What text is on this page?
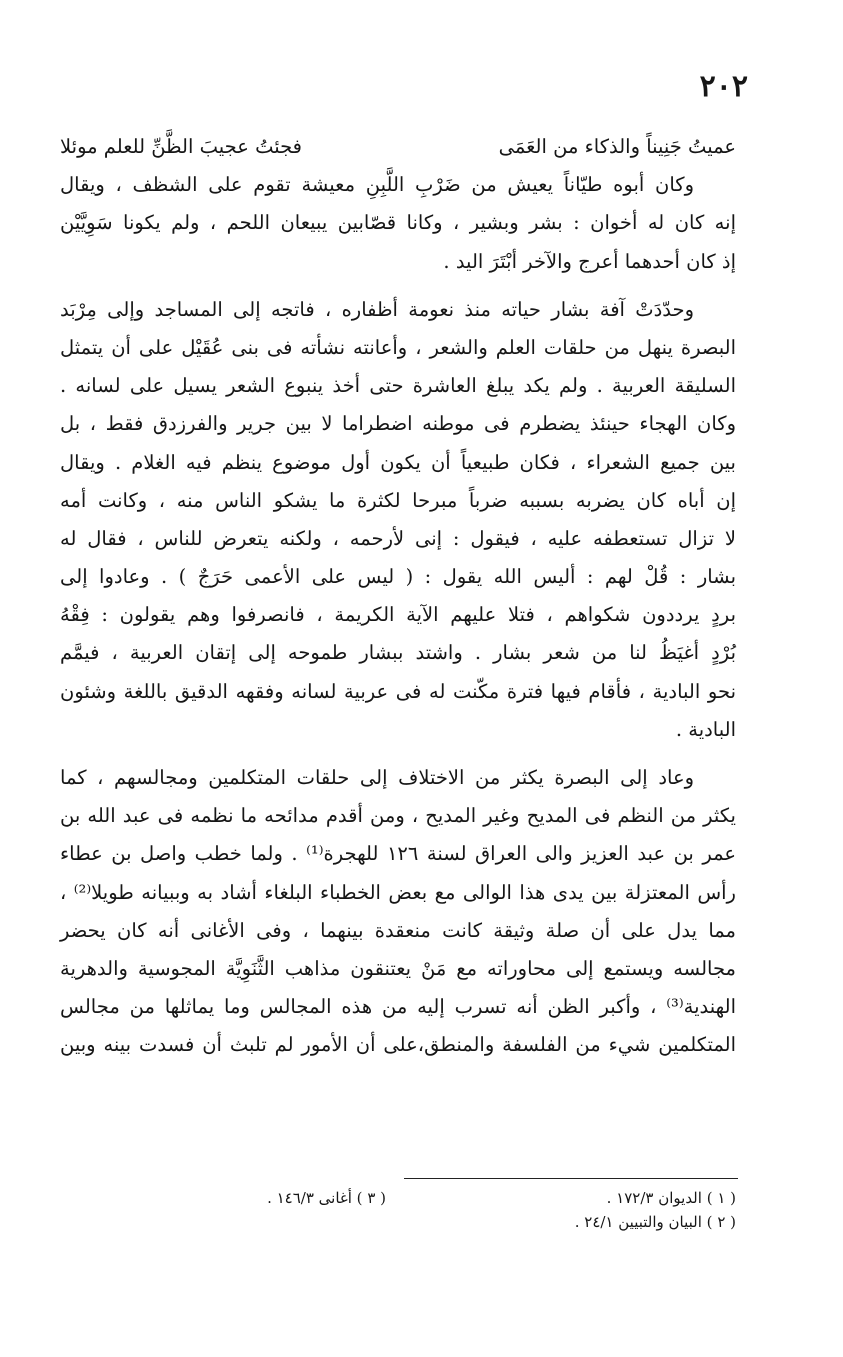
٢٠٢
عميتُ جَنِيناً والذكاء من العَمَى
فجئتُ عجيبَ الظَّنِّ للعلم موئلا
وكان أبوه طيّاناً يعيش من ضَرْبِ اللَّبِنِ معيشة تقوم على الشظف ، ويقال
إنه كان له أخوان : بشر وبشير ، وكانا قصّابين يبيعان اللحم ، ولم يكونا سَوِيَّيْن
إذ كان أحدهما أعرج والآخر أبْتَرَ اليد .
وحدّدَتْ آفة بشار حياته منذ نعومة أظفاره ، فاتجه إلى المساجد وإلى مِرْبَد
البصرة ينهل من حلقات العلم والشعر ، وأعانته نشأته فى بنى عُقَيْل على أن يتمثل
السليقة العربية . ولم يكد يبلغ العاشرة حتى أخذ ينبوع الشعر يسيل على لسانه .
وكان الهجاء حينئذ يضطرم فى موطنه اضطراما لا بين جرير والفرزدق فقط ، بل
بين جميع الشعراء ، فكان طبيعياً أن يكون أول موضوع ينظم فيه الغلام . ويقال
إن أباه كان يضربه بسببه ضرباً مبرحا لكثرة ما يشكو الناس منه ، وكانت أمه
لا تزال تستعطفه عليه ، فيقول : إنى لأرحمه ، ولكنه يتعرض للناس ، فقال له
بشار : قُلْ لهم : أليس الله يقول : ( ليس على الأعمى حَرَجٌ ) . وعادوا إلى
بردٍ يرددون شكواهم ، فتلا عليهم الآية الكريمة ، فانصرفوا وهم يقولون : فِقْهُ
بُرْدٍ أغيَظُ لنا من شعر بشار . واشتد ببشار طموحه إلى إتقان العربية ، فيمَّم
نحو البادية ، فأقام فيها فترة مكّنت له فى عربية لسانه وفقهه الدقيق باللغة وشئون
البادية .
وعاد إلى البصرة يكثر من الاختلاف إلى حلقات المتكلمين ومجالسهم ، كما
يكثر من النظم فى المديح وغير المديح ، ومن أقدم مدائحه ما نظمه فى عبد الله بن
عمر بن عبد العزيز والى العراق لسنة ١٢٦ للهجرة⁽¹⁾ . ولما خطب واصل بن عطاء
رأس المعتزلة بين يدى هذا الوالى مع بعض الخطباء البلغاء أشاد به وببيانه طويلا⁽²⁾ ،
مما يدل على أن صلة وثيقة كانت منعقدة بينهما ، وفى الأغانى أنه كان يحضر
مجالسه ويستمع إلى محاوراته مع مَنْ يعتنقون مذاهب الثَّنَوِيَّة المجوسية والدهرية
الهندية⁽³⁾ ، وأكبر الظن أنه تسرب إليه من هذه المجالس وما يماثلها من مجالس
المتكلمين شيء من الفلسفة والمنطق،على أن الأمور لم تلبث أن فسدت بينه وبين
( ١ ) الديوان ١٧٢/٣ .
( ٣ ) أغانى ١٤٦/٣ .
( ٢ ) البيان والتبيين ٢٤/١ .
